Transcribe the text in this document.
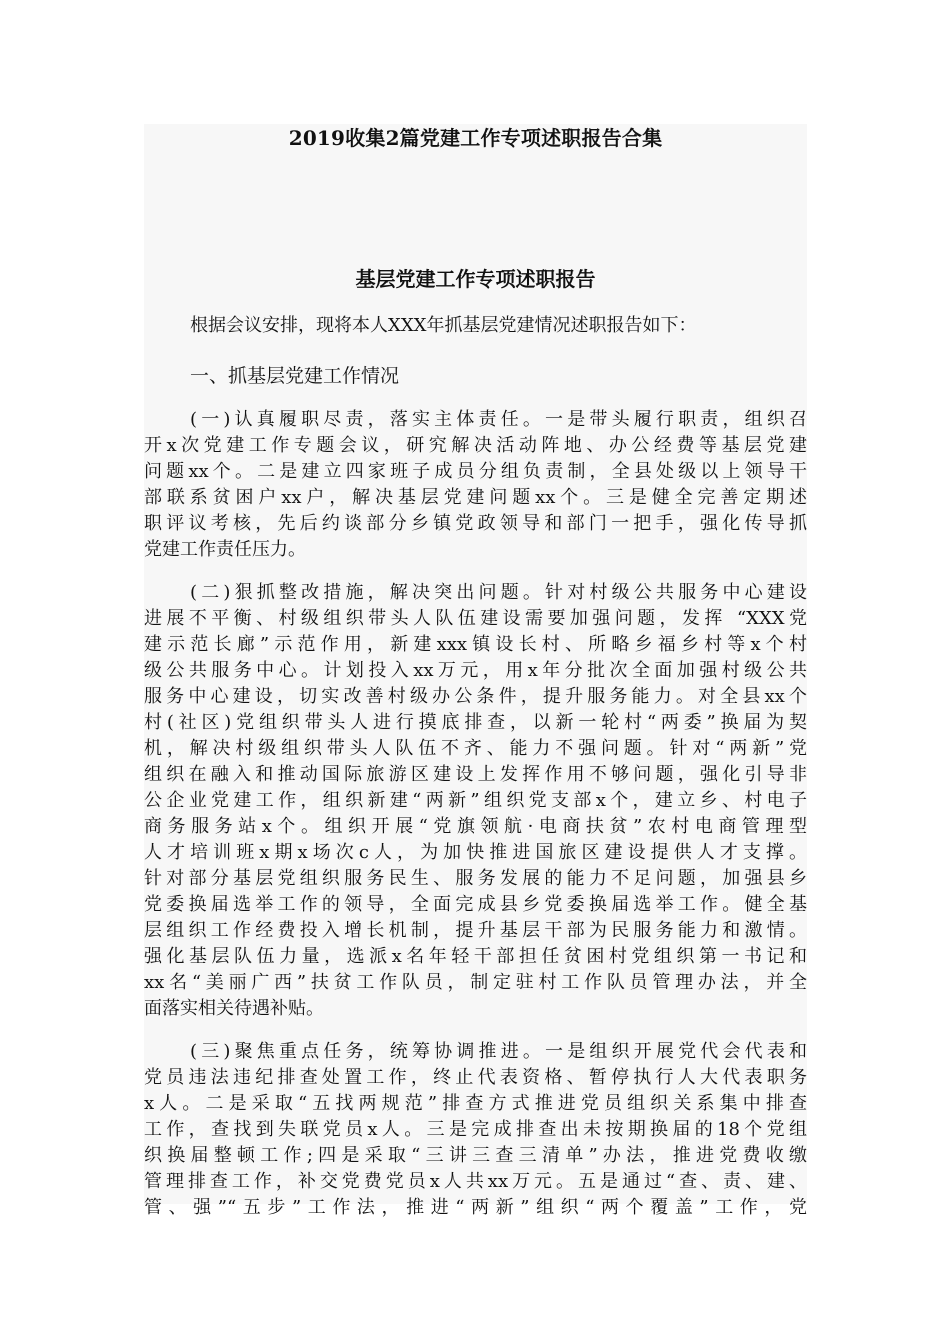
2019收集2篇党建工作专项述职报告合集
基层党建工作专项述职报告
根据会议安排，现将本人XXX年抓基层党建情况述职报告如下：
一、抓基层党建工作情况
(一)认真履职尽责，落实主体责任。一是带头履行职责，组织召
开x次党建工作专题会议，研究解决活动阵地、办公经费等基层党建
问题xx个。二是建立四家班子成员分组负责制，全县处级以上领导干
部联系贫困户xx户，解决基层党建问题xx个。三是健全完善定期述
职评议考核，先后约谈部分乡镇党政领导和部门一把手，强化传导抓
党建工作责任压力。
(二)狠抓整改措施，解决突出问题。针对村级公共服务中心建设
进展不平衡、村级组织带头人队伍建设需要加强问题，发挥 “XXX党
建示范长廊”示范作用，新建xxx镇设长村、所略乡福乡村等x个村
级公共服务中心。计划投入xx万元，用x年分批次全面加强村级公共
服务中心建设，切实改善村级办公条件，提升服务能力。对全县xx个
村(社区)党组织带头人进行摸底排查，以新一轮村“两委”换届为契
机，解决村级组织带头人队伍不齐、能力不强问题。针对“两新”党
组织在融入和推动国际旅游区建设上发挥作用不够问题，强化引导非
公企业党建工作，组织新建“两新”组织党支部x个，建立乡、村电子
商务服务站x个。组织开展“党旗领航·电商扶贫”农村电商管理型
人才培训班x期x场次c人，为加快推进国旅区建设提供人才支撑。
针对部分基层党组织服务民生、服务发展的能力不足问题，加强县乡
党委换届选举工作的领导，全面完成县乡党委换届选举工作。健全基
层组织工作经费投入增长机制，提升基层干部为民服务能力和激情。
强化基层队伍力量，选派x名年轻干部担任贫困村党组织第一书记和
xx名“美丽广西”扶贫工作队员，制定驻村工作队员管理办法，并全
面落实相关待遇补贴。
(三)聚焦重点任务，统筹协调推进。一是组织开展党代会代表和
党员违法违纪排查处置工作，终止代表资格、暂停执行人大代表职务
x人。二是采取“五找两规范”排查方式推进党员组织关系集中排查
工作，查找到失联党员x人。三是完成排查出未按期换届的18个党组
织换届整顿工作;四是采取“三讲三查三清单”办法，推进党费收缴
管理排查工作，补交党费党员x人共xx万元。五是通过“查、责、建、
管、强”“五步”工作法，推进“两新”组织“两个覆盖”工作，党
